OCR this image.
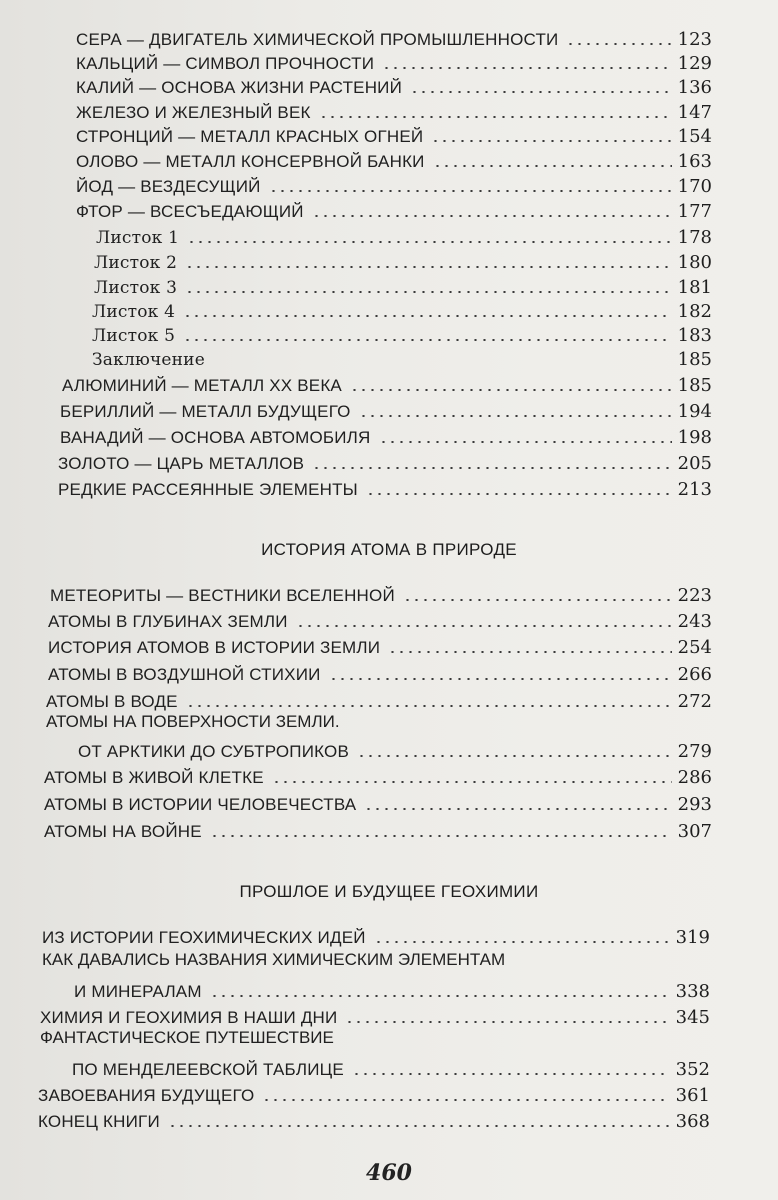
СЕРА — ДВИГАТЕЛЬ ХИМИЧЕСКОЙ ПРОМЫШЛЕННОСТИ	123
КАЛЬЦИЙ — СИМВОЛ ПРОЧНОСТИ	129
КАЛИЙ — ОСНОВА ЖИЗНИ РАСТЕНИЙ	136
ЖЕЛЕЗО И ЖЕЛЕЗНЫЙ ВЕК	147
СТРОНЦИЙ — МЕТАЛЛ КРАСНЫХ ОГНЕЙ	154
ОЛОВО — МЕТАЛЛ КОНСЕРВНОЙ БАНКИ	163
ЙОД — ВЕЗДЕСУЩИЙ	170
ФТОР — ВСЕСЪЕДАЮЩИЙ	177
Листок 1	178
Листок 2	180
Листок 3	181
Листок 4	182
Листок 5	183
Заключение	185
АЛЮМИНИЙ — МЕТАЛЛ XX ВЕКА	185
БЕРИЛЛИЙ — МЕТАЛЛ БУДУЩЕГО	194
ВАНАДИЙ — ОСНОВА АВТОМОБИЛЯ	198
ЗОЛОТО — ЦАРЬ МЕТАЛЛОВ	205
РЕДКИЕ РАССЕЯННЫЕ ЭЛЕМЕНТЫ	213
ИСТОРИЯ АТОМА В ПРИРОДЕ
МЕТЕОРИТЫ — ВЕСТНИКИ ВСЕЛЕННОЙ	223
АТОМЫ В ГЛУБИНАХ ЗЕМЛИ	243
ИСТОРИЯ АТОМОВ В ИСТОРИИ ЗЕМЛИ	254
АТОМЫ В ВОЗДУШНОЙ СТИХИИ	266
АТОМЫ В ВОДЕ	272
АТОМЫ НА ПОВЕРХНОСТИ ЗЕМЛИ.
ОТ АРКТИКИ ДО СУБТРОПИКОВ	279
АТОМЫ В ЖИВОЙ КЛЕТКЕ	286
АТОМЫ В ИСТОРИИ ЧЕЛОВЕЧЕСТВА	293
АТОМЫ НА ВОЙНЕ	307
ПРОШЛОЕ И БУДУЩЕЕ ГЕОХИМИИ
ИЗ ИСТОРИИ ГЕОХИМИЧЕСКИХ ИДЕЙ	319
КАК ДАВАЛИСЬ НАЗВАНИЯ ХИМИЧЕСКИМ ЭЛЕМЕНТАМ
И МИНЕРАЛАМ	338
ХИМИЯ И ГЕОХИМИЯ В НАШИ ДНИ	345
ФАНТАСТИЧЕСКОЕ ПУТЕШЕСТВИЕ
ПО МЕНДЕЛЕЕВСКОЙ ТАБЛИЦЕ	352
ЗАВОЕВАНИЯ БУДУЩЕГО	361
КОНЕЦ КНИГИ	368
460
